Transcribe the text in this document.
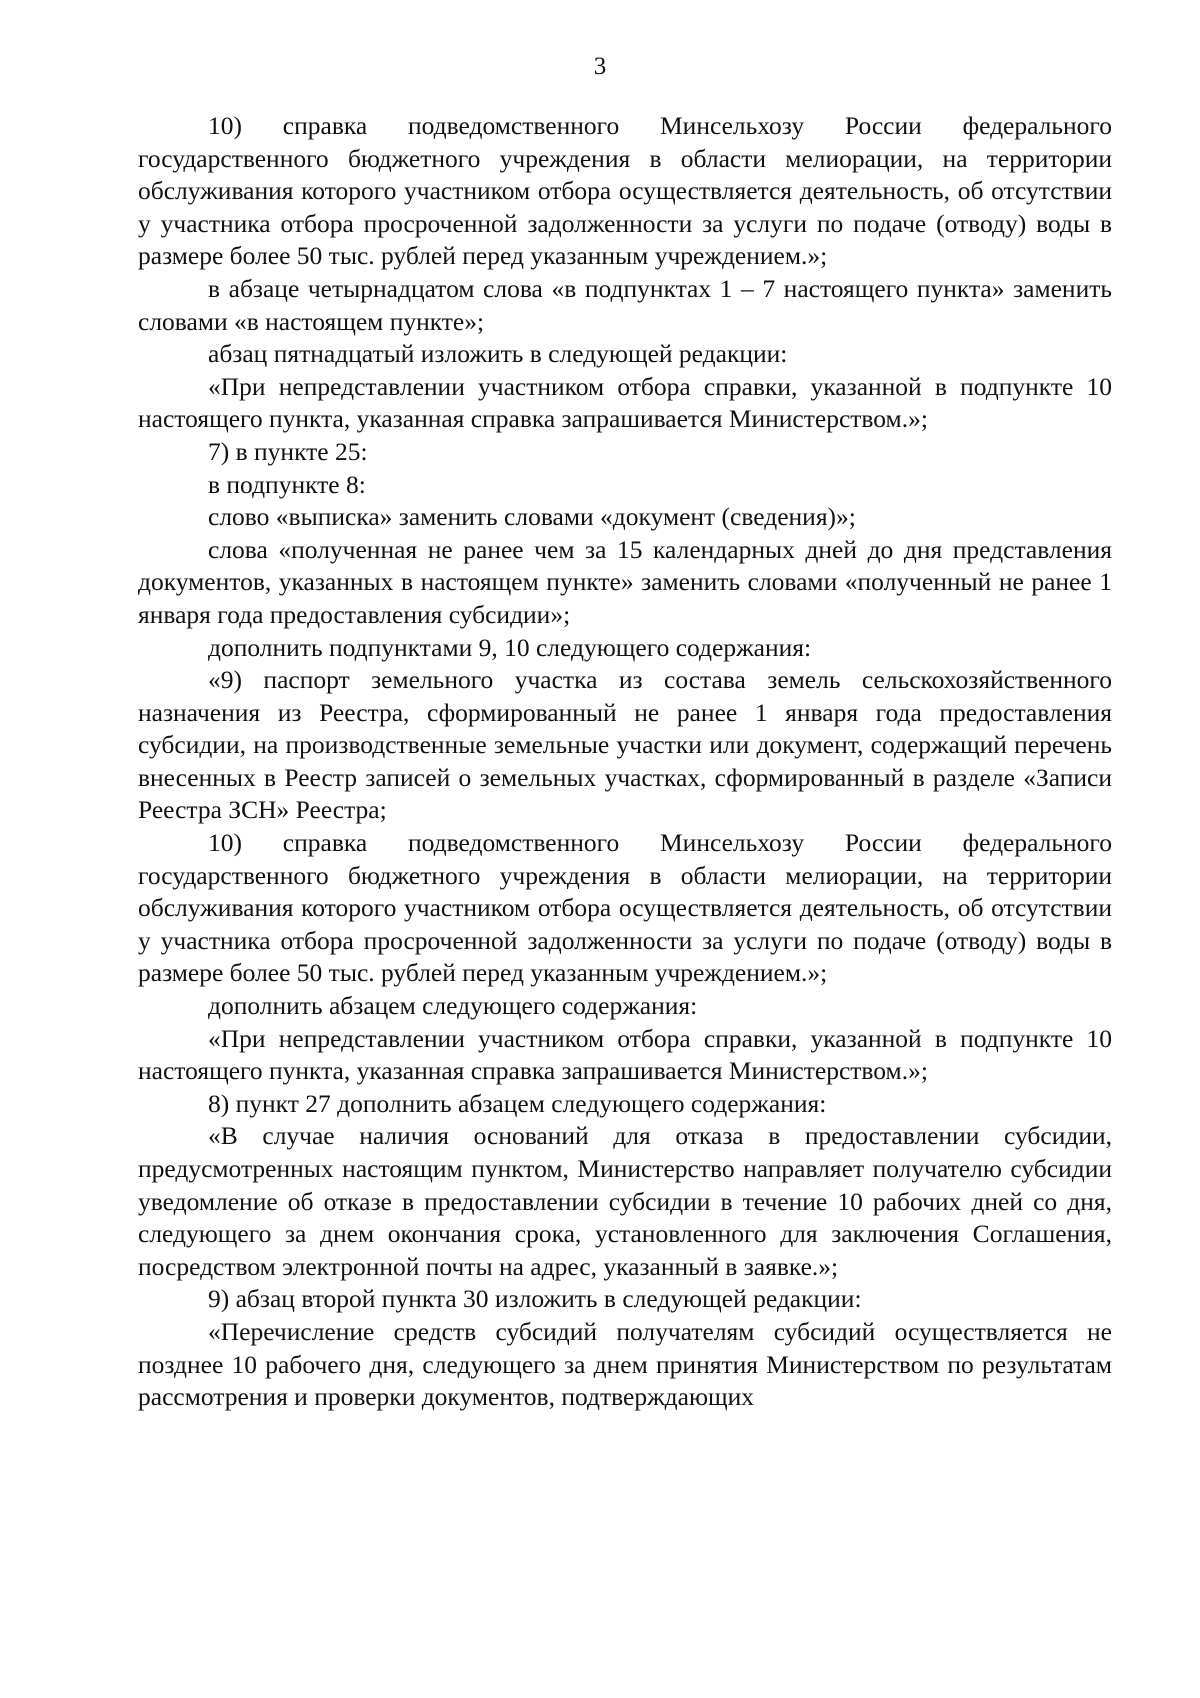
3

10) справка подведомственного Минсельхозу России федерального государственного бюджетного учреждения в области мелиорации, на территории обслуживания которого участником отбора осуществляется деятельность, об отсутствии у участника отбора просроченной задолженности за услуги по подаче (отводу) воды в размере более 50 тыс. рублей перед указанным учреждением.»;

в абзаце четырнадцатом слова «в подпунктах 1 – 7 настоящего пункта» заменить словами «в настоящем пункте»;

абзац пятнадцатый изложить в следующей редакции:

«При непредставлении участником отбора справки, указанной в подпункте 10 настоящего пункта, указанная справка запрашивается Министерством.»;

7) в пункте 25:

в подпункте 8:

слово «выписка» заменить словами «документ (сведения)»;

слова «полученная не ранее чем за 15 календарных дней до дня представления документов, указанных в настоящем пункте» заменить словами «полученный не ранее 1 января года предоставления субсидии»;

дополнить подпунктами 9, 10 следующего содержания:

«9) паспорт земельного участка из состава земель сельскохозяйственного назначения из Реестра, сформированный не ранее 1 января года предоставления субсидии, на производственные земельные участки или документ, содержащий перечень внесенных в Реестр записей о земельных участках, сформированный в разделе «Записи Реестра ЗСН» Реестра;

10) справка подведомственного Минсельхозу России федерального государственного бюджетного учреждения в области мелиорации, на территории обслуживания которого участником отбора осуществляется деятельность, об отсутствии у участника отбора просроченной задолженности за услуги по подаче (отводу) воды в размере более 50 тыс. рублей перед указанным учреждением.»;

дополнить абзацем следующего содержания:

«При непредставлении участником отбора справки, указанной в подпункте 10 настоящего пункта, указанная справка запрашивается Министерством.»;

8) пункт 27 дополнить абзацем следующего содержания:

«В случае наличия оснований для отказа в предоставлении субсидии, предусмотренных настоящим пунктом, Министерство направляет получателю субсидии уведомление об отказе в предоставлении субсидии в течение 10 рабочих дней со дня, следующего за днем окончания срока, установленного для заключения Соглашения, посредством электронной почты на адрес, указанный в заявке.»;

9) абзац второй пункта 30 изложить в следующей редакции:

«Перечисление средств субсидий получателям субсидий осуществляется не позднее 10 рабочего дня, следующего за днем принятия Министерством по результатам рассмотрения и проверки документов, подтверждающих
